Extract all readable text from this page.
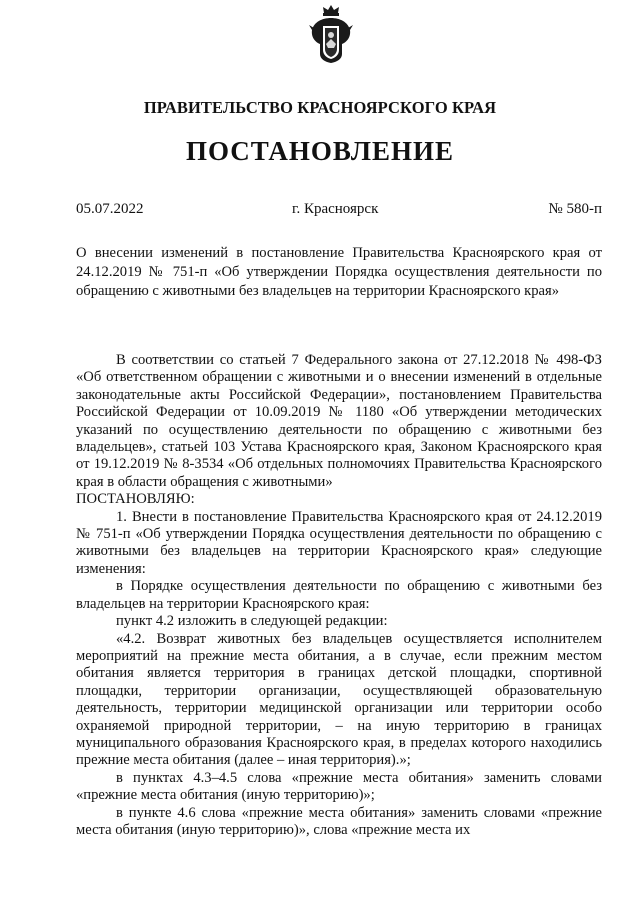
ПРАВИТЕЛЬСТВО КРАСНОЯРСКОГО КРАЯ
ПОСТАНОВЛЕНИЕ
05.07.2022	г. Красноярск	№ 580-п
О внесении изменений в постановление Правительства Красноярского края от 24.12.2019 № 751-п «Об утверждении Порядка осуществления деятельности по обращению с животными без владельцев на территории Красноярского края»

В соответствии со статьей 7 Федерального закона от 27.12.2018 № 498-ФЗ «Об ответственном обращении с животными и о внесении изменений в отдельные законодательные акты Российской Федерации», постановлением Правительства Российской Федерации от 10.09.2019 № 1180 «Об утверждении методических указаний по осуществлению деятельности по обращению с животными без владельцев», статьей 103 Устава Красноярского края, Законом Красноярского края от 19.12.2019 № 8-3534 «Об отдельных полномочиях Правительства Красноярского края в области обращения с животными»

ПОСТАНОВЛЯЮ:

1. Внести в постановление Правительства Красноярского края от 24.12.2019 № 751-п «Об утверждении Порядка осуществления деятельности по обращению с животными без владельцев на территории Красноярского края» следующие изменения:

в Порядке осуществления деятельности по обращению с животными без владельцев на территории Красноярского края:

пункт 4.2 изложить в следующей редакции:

«4.2. Возврат животных без владельцев осуществляется исполнителем мероприятий на прежние места обитания, а в случае, если прежним местом обитания является территория в границах детской площадки, спортивной площадки, территории организации, осуществляющей образовательную деятельность, территории медицинской организации или территории особо охраняемой природной территории, – на иную территорию в границах муниципального образования Красноярского края, в пределах которого находились прежние места обитания (далее – иная территория).»;

в пунктах 4.3–4.5 слова «прежние места обитания» заменить словами «прежние места обитания (иную территорию)»;

в пункте 4.6 слова «прежние места обитания» заменить словами «прежние места обитания (иную территорию)», слова «прежние места их
